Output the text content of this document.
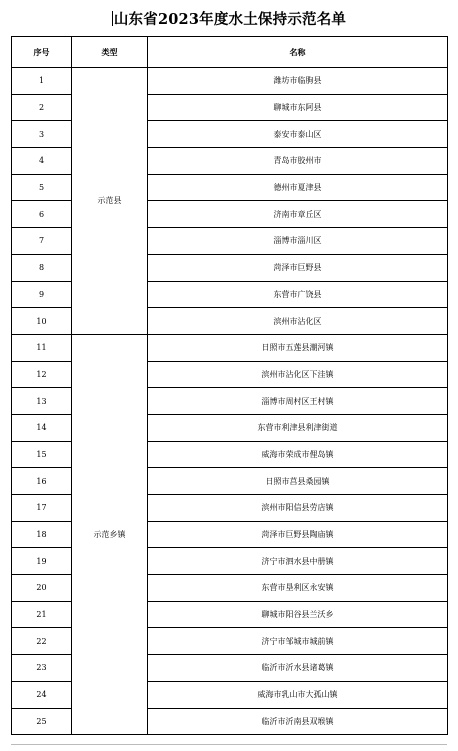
山东省2023年度水土保持示范名单
序号	类型	名称
1	示范县	潍坊市临朐县
2		聊城市东阿县
3		泰安市泰山区
4		青岛市胶州市
5		德州市夏津县
6		济南市章丘区
7		淄博市淄川区
8		菏泽市巨野县
9		东营市广饶县
10		滨州市沾化区
11	示范乡镇	日照市五莲县潮河镇
12		滨州市沾化区下洼镇
13		淄博市周村区王村镇
14		东营市利津县利津街道
15		威海市荣成市俚岛镇
16		日照市莒县桑园镇
17		滨州市阳信县劳店镇
18		菏泽市巨野县陶庙镇
19		济宁市泗水县中册镇
20		东营市垦利区永安镇
21		聊城市阳谷县兰沃乡
22		济宁市邹城市城前镇
23		临沂市沂水县诸葛镇
24		威海市乳山市大孤山镇
25		临沂市沂南县双堠镇
